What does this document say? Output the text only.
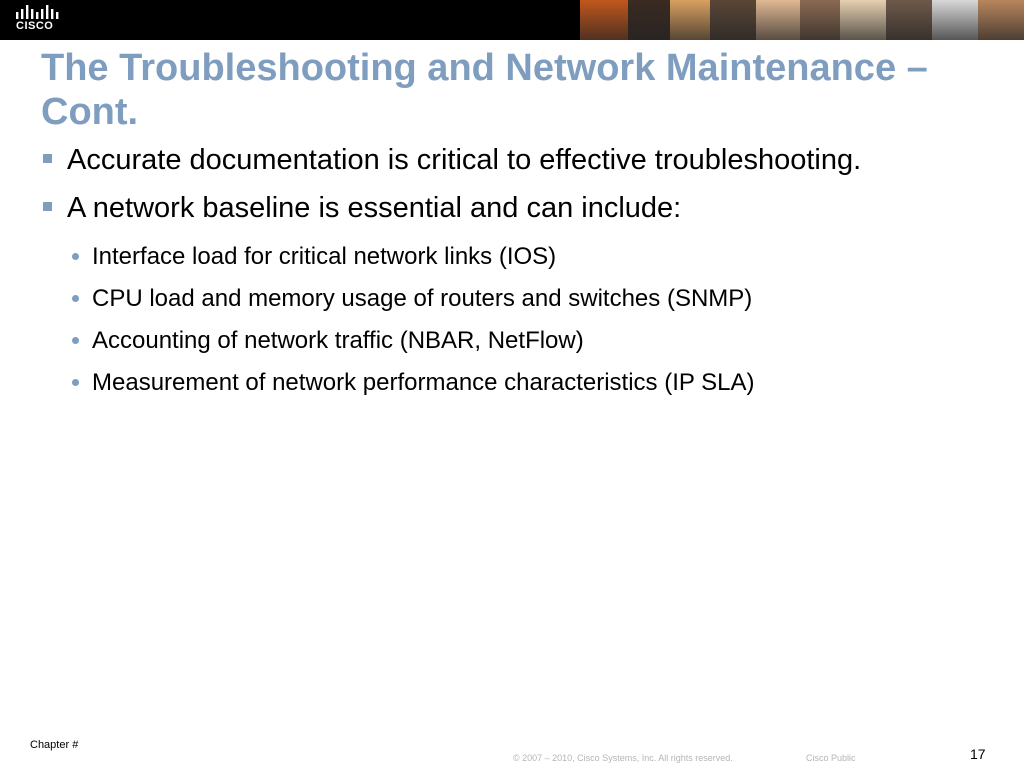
CISCO
The Troubleshooting and Network Maintenance – Cont.
Accurate documentation is critical to effective troubleshooting.
A network baseline is essential and can include:
Interface load for critical network links (IOS)
CPU load and memory usage of routers and switches (SNMP)
Accounting of network traffic (NBAR, NetFlow)
Measurement of network performance characteristics (IP SLA)
Chapter #
© 2007 – 2010, Cisco Systems, Inc. All rights reserved.	Cisco Public	17
